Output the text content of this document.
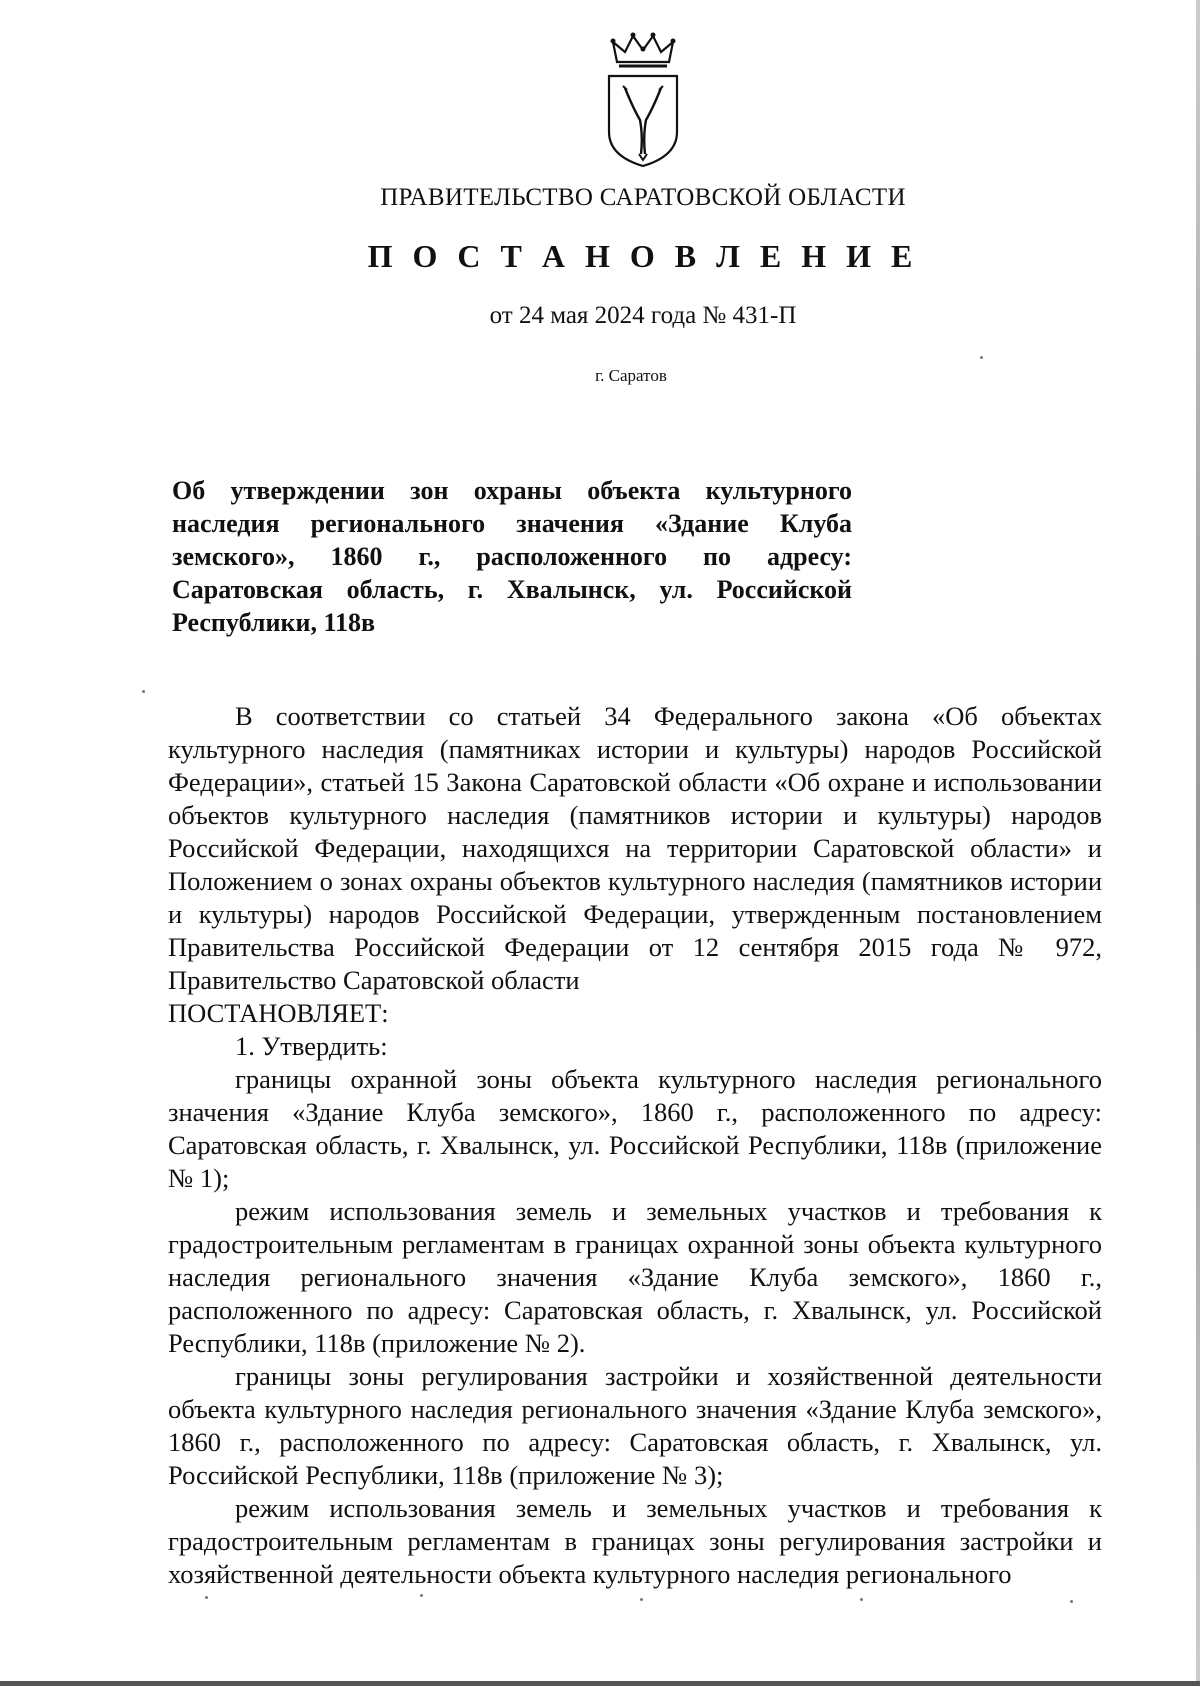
ПРАВИТЕЛЬСТВО САРАТОВСКОЙ ОБЛАСТИ
П О С Т А Н О В Л Е Н И Е
от 24 мая 2024 года № 431-П
г. Саратов
Об утверждении зон охраны объекта культурного наследия регионального значения «Здание Клуба земского», 1860 г., расположенного по адресу: Саратовская область, г. Хвалынск, ул. Российской Республики, 118в

В соответствии со статьей 34 Федерального закона «Об объектах культурного наследия (памятниках истории и культуры) народов Российской Федерации», статьей 15 Закона Саратовской области «Об охране и использовании объектов культурного наследия (памятников истории и культуры) народов Российской Федерации, находящихся на территории Саратовской области» и Положением о зонах охраны объектов культурного наследия (памятников истории и культуры) народов Российской Федерации, утвержденным постановлением Правительства Российской Федерации от 12 сентября 2015 года № 972, Правительство Саратовской области

ПОСТАНОВЛЯЕТ:

1. Утвердить:

границы охранной зоны объекта культурного наследия регионального значения «Здание Клуба земского», 1860 г., расположенного по адресу: Саратовская область, г. Хвалынск, ул. Российской Республики, 118в (приложение № 1);

режим использования земель и земельных участков и требования к градостроительным регламентам в границах охранной зоны объекта культурного наследия регионального значения «Здание Клуба земского», 1860 г., расположенного по адресу: Саратовская область, г. Хвалынск, ул. Российской Республики, 118в (приложение № 2).

границы зоны регулирования застройки и хозяйственной деятельности объекта культурного наследия регионального значения «Здание Клуба земского», 1860 г., расположенного по адресу: Саратовская область, г. Хвалынск, ул. Российской Республики, 118в (приложение № 3);

режим использования земель и земельных участков и требования к градостроительным регламентам в границах зоны регулирования застройки и хозяйственной деятельности объекта культурного наследия регионального
